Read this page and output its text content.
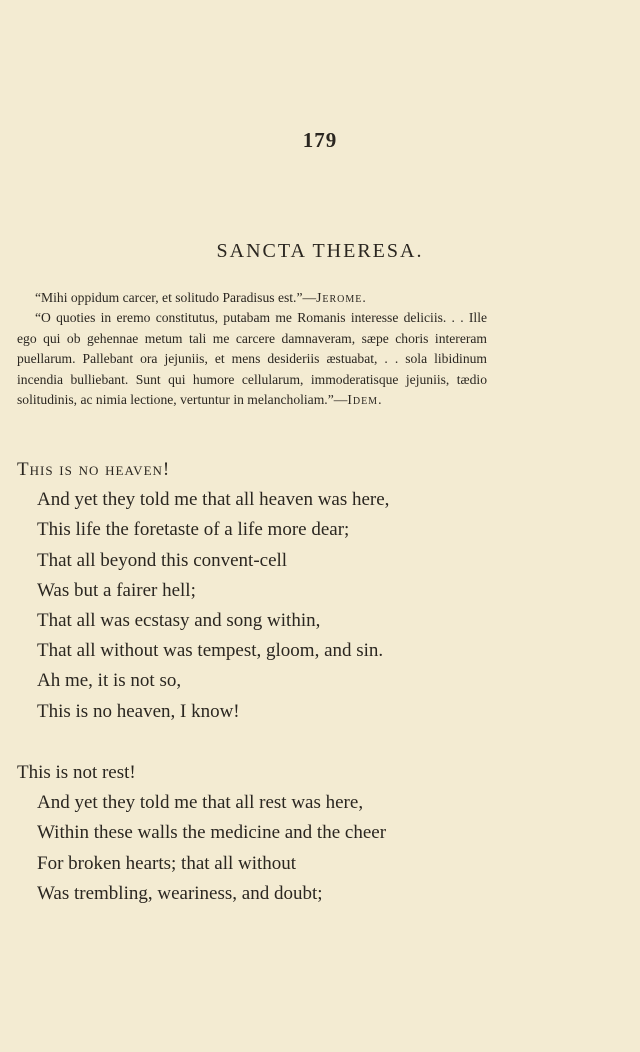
179
SANCTA THERESA.

“Mihi oppidum carcer, et solitudo Paradisus est.”—Jerome.

“O quoties in eremo constitutus, putabam me Romanis interesse deliciis. . . Ille ego qui ob gehennae metum tali me carcere damnaveram, sæpe choris intereram puellarum. Pallebant ora jejuniis, et mens desideriis æstuabat, . . sola libidinum incendia bulliebant. Sunt qui humore cellularum, immoderatisque jejuniis, tædio solitudinis, ac nimia lectione, vertuntur in melancholiam.”—Idem.

This is no heaven!
And yet they told me that all heaven was here,
This life the foretaste of a life more dear;
That all beyond this convent-cell
Was but a fairer hell;
That all was ecstasy and song within,
That all without was tempest, gloom, and sin.
Ah me, it is not so,
This is no heaven, I know!
This is not rest!
And yet they told me that all rest was here,
Within these walls the medicine and the cheer
For broken hearts; that all without
Was trembling, weariness, and doubt;
